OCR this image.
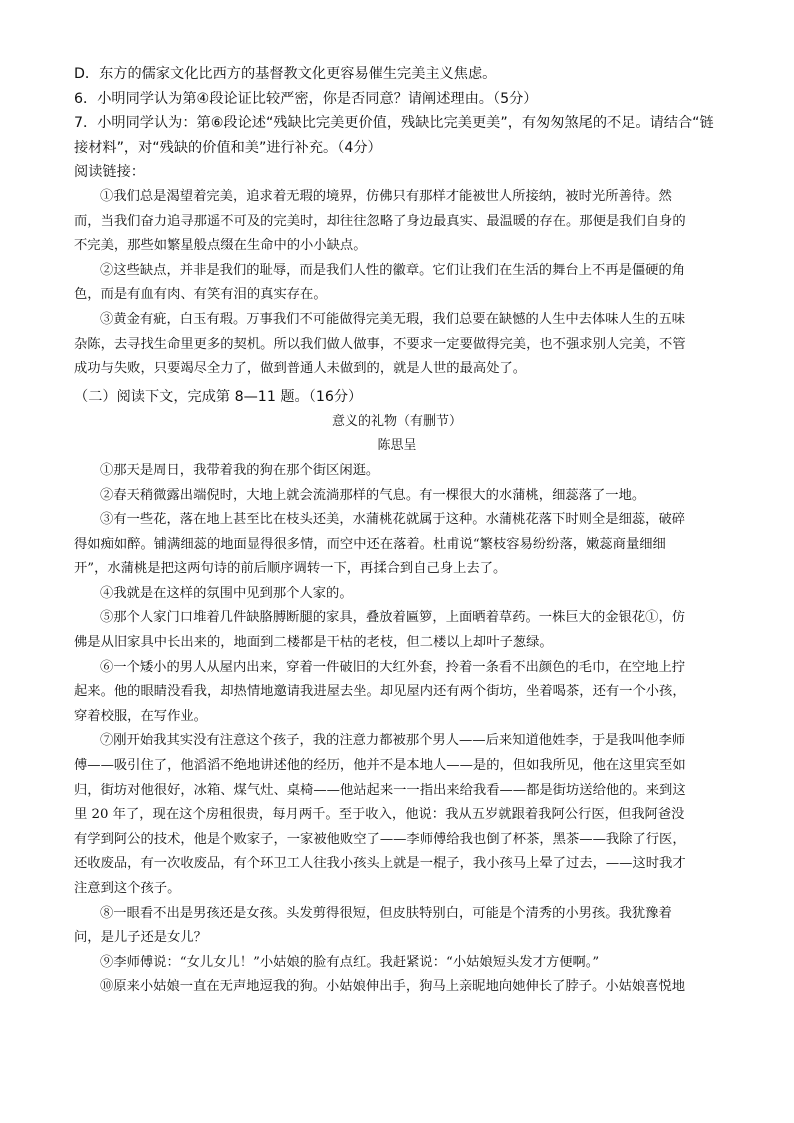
D．东方的儒家文化比西方的基督教文化更容易催生完美主义焦虑。
6．小明同学认为第④段论证比较严密，你是否同意？请阐述理由。（5分）
7．小明同学认为：第⑥段论述“残缺比完美更价值，残缺比完美更美”，有匆匆煞尾的不足。请结合“链
接材料”，对“残缺的价值和美”进行补充。（4分）
阅读链接：
①我们总是渴望着完美，追求着无瑕的境界，仿佛只有那样才能被世人所接纳，被时光所善待。然
而，当我们奋力追寻那遥不可及的完美时，却往往忽略了身边最真实、最温暖的存在。那便是我们自身的
不完美，那些如繁星般点缀在生命中的小小缺点。
②这些缺点，并非是我们的耻辱，而是我们人性的徽章。它们让我们在生活的舞台上不再是僵硬的角
色，而是有血有肉、有笑有泪的真实存在。
③黄金有疵，白玉有瑕。万事我们不可能做得完美无瑕，我们总要在缺憾的人生中去体味人生的五味
杂陈，去寻找生命里更多的契机。所以我们做人做事，不要求一定要做得完美，也不强求别人完美，不管
成功与失败，只要竭尽全力了，做到普通人未做到的，就是人世的最高处了。
（二）阅读下文，完成第 8—11 题。（16分）
意义的礼物（有删节）
陈思呈
①那天是周日，我带着我的狗在那个街区闲逛。
②春天稍微露出端倪时，大地上就会流淌那样的气息。有一棵很大的水蒲桃，细蕊落了一地。
③有一些花，落在地上甚至比在枝头还美，水蒲桃花就属于这种。水蒲桃花落下时则全是细蕊，破碎
得如痴如醉。铺满细蕊的地面显得很多情，而空中还在落着。杜甫说“繁枝容易纷纷落，嫩蕊商量细细
开”，水蒲桃是把这两句诗的前后顺序调转一下，再揉合到自己身上去了。
④我就是在这样的氛围中见到那个人家的。
⑤那个人家门口堆着几件缺胳膊断腿的家具，叠放着匾箩，上面晒着草药。一株巨大的金银花①，仿
佛是从旧家具中长出来的，地面到二楼都是干枯的老枝，但二楼以上却叶子葱绿。
⑥一个矮小的男人从屋内出来，穿着一件破旧的大红外套，拎着一条看不出颜色的毛巾，在空地上拧
起来。他的眼睛没看我，却热情地邀请我进屋去坐。却见屋内还有两个街坊，坐着喝茶，还有一个小孩，
穿着校服，在写作业。
⑦刚开始我其实没有注意这个孩子，我的注意力都被那个男人——后来知道他姓李，于是我叫他李师
傅——吸引住了，他滔滔不绝地讲述他的经历，他并不是本地人——是的，但如我所见，他在这里宾至如
归，街坊对他很好，冰箱、煤气灶、桌椅——他站起来一一指出来给我看——都是街坊送给他的。来到这
里 20 年了，现在这个房租很贵，每月两千。至于收入，他说：我从五岁就跟着我阿公行医，但我阿爸没
有学到阿公的技术，他是个败家子，一家被他败空了——李师傅给我也倒了杯茶，黑茶——我除了行医，
还收废品，有一次收废品，有个环卫工人往我小孩头上就是一棍子，我小孩马上晕了过去，——这时我才
注意到这个孩子。
⑧一眼看不出是男孩还是女孩。头发剪得很短，但皮肤特别白，可能是个清秀的小男孩。我犹豫着
问，是儿子还是女儿？
⑨李师傅说：“女儿女儿！”小姑娘的脸有点红。我赶紧说：“小姑娘短头发才方便啊。”
⑩原来小姑娘一直在无声地逗我的狗。小姑娘伸出手，狗马上亲昵地向她伸长了脖子。小姑娘喜悦地
